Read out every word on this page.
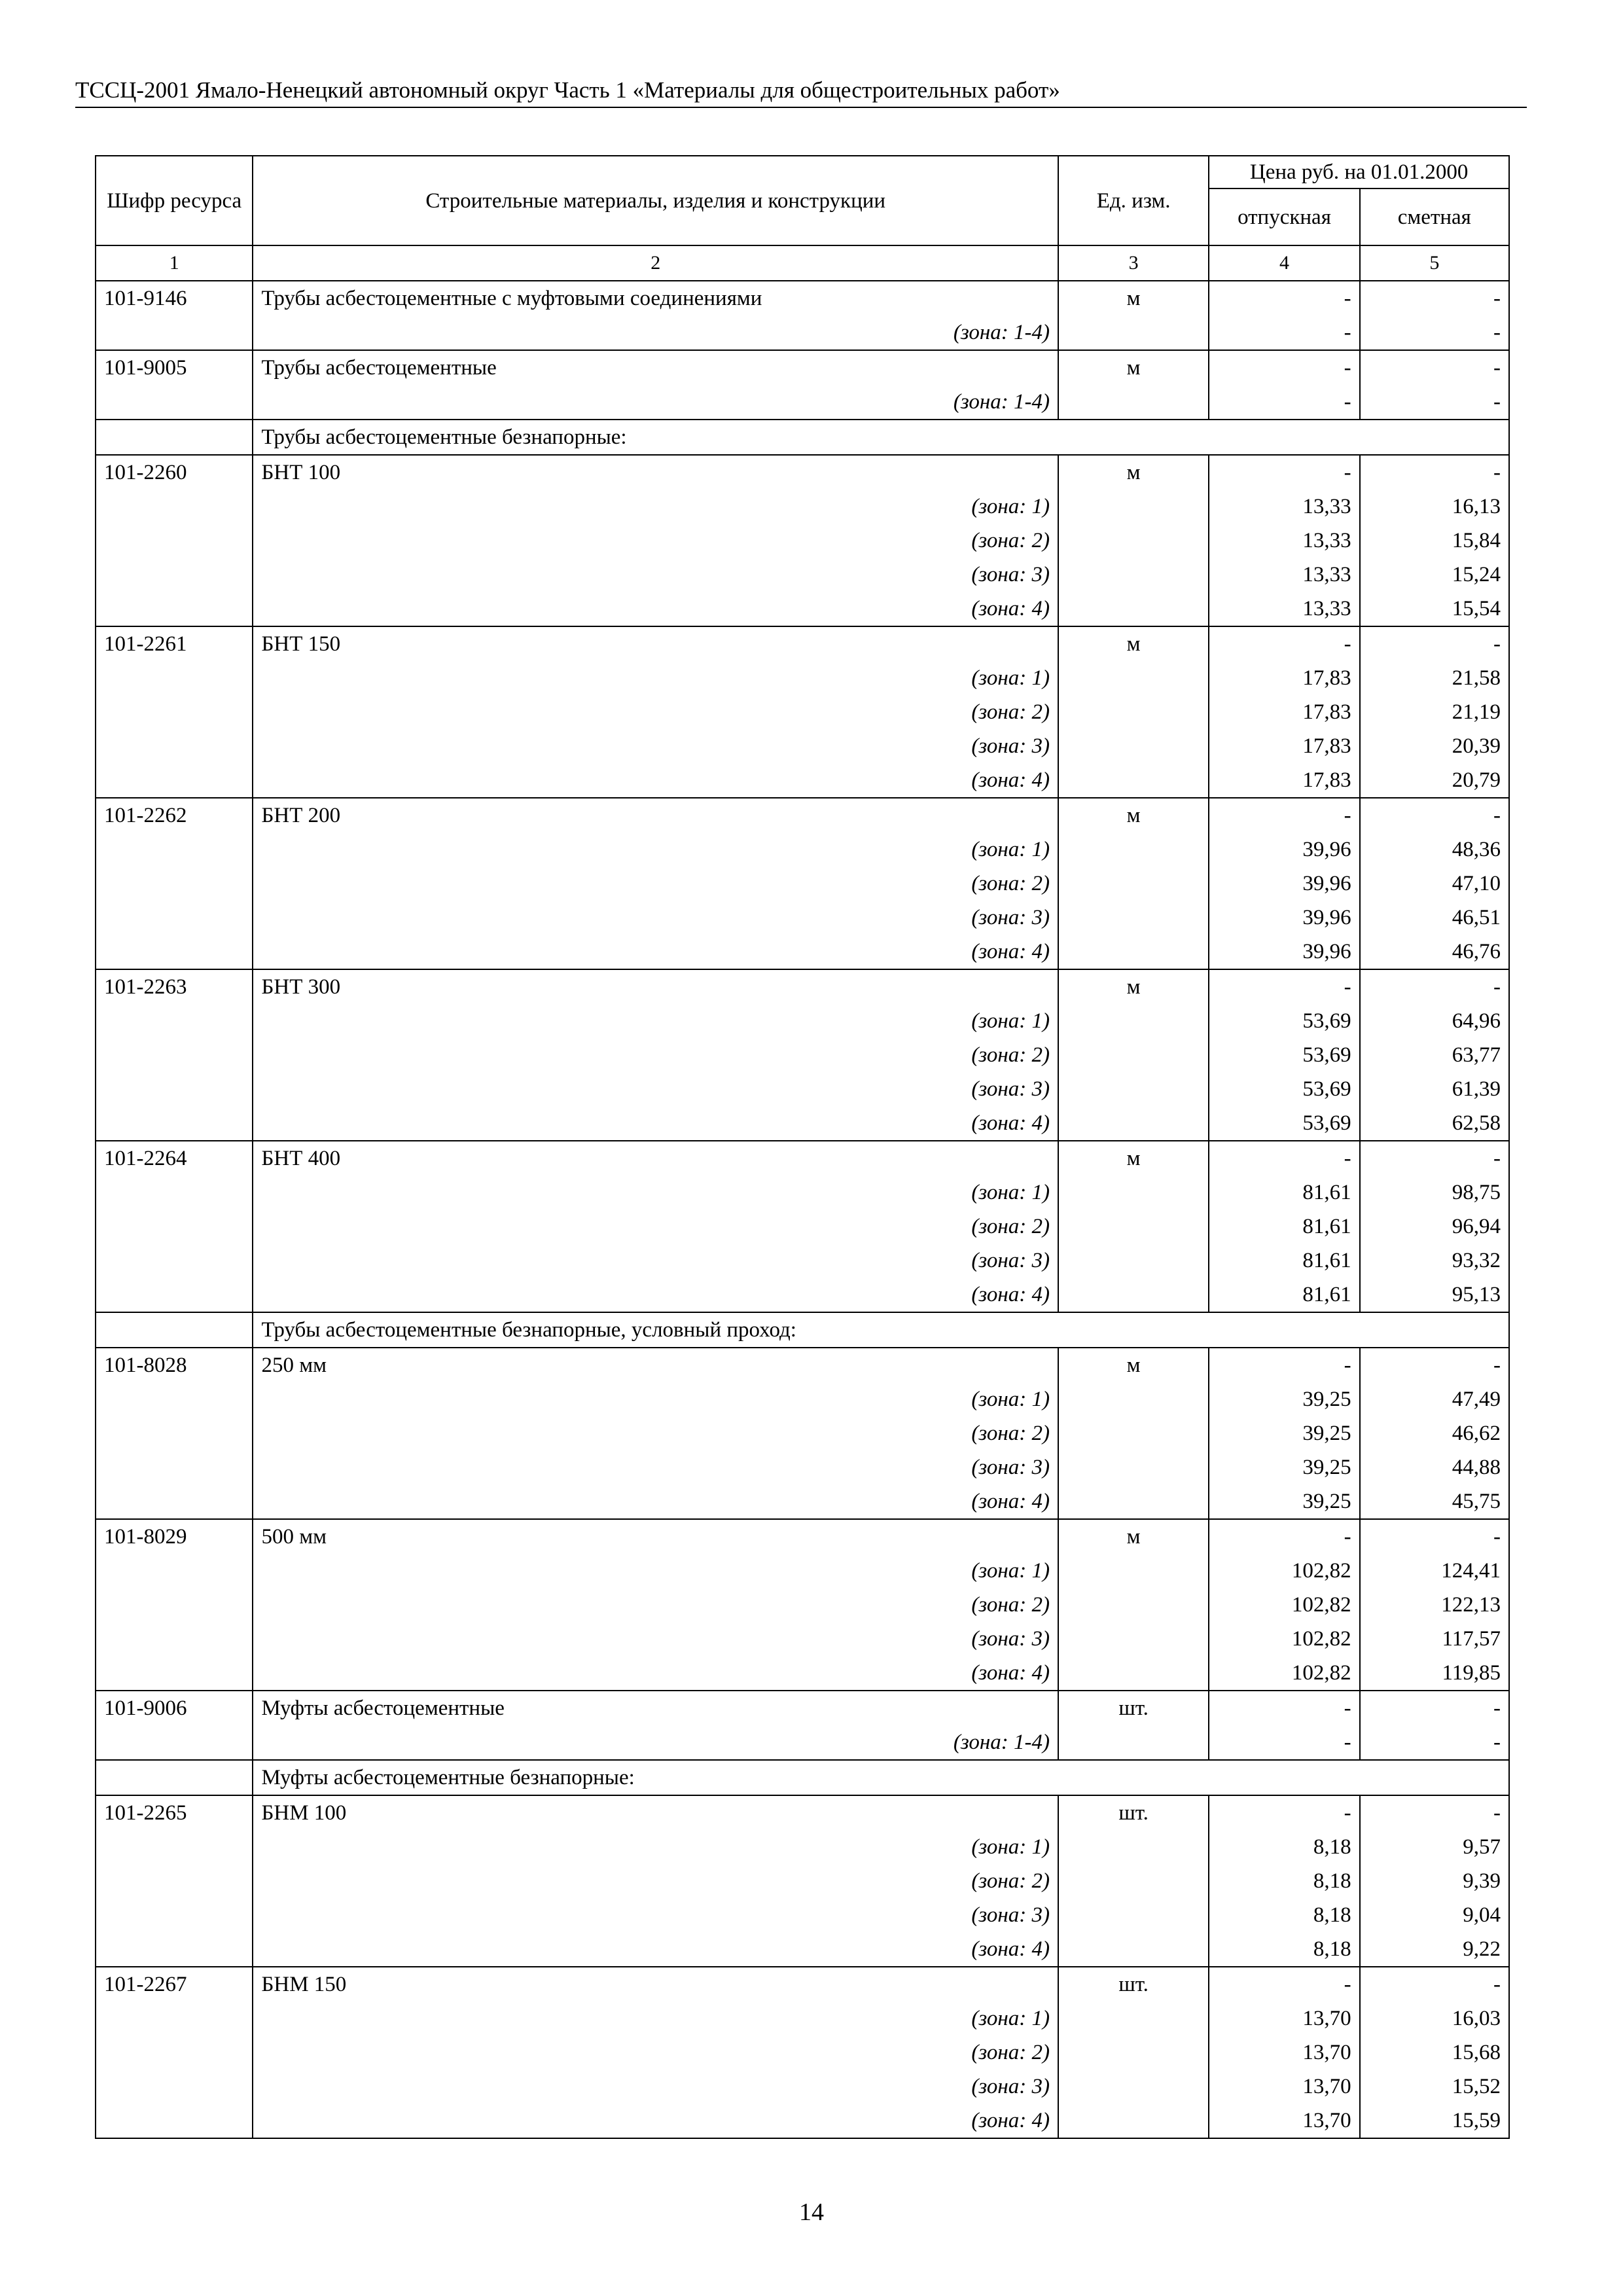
ТССЦ-2001 Ямало-Ненецкий автономный округ Часть 1 «Материалы для общестроительных работ»
Шифр ресурса	Строительные материалы, изделия и конструкции	Ед. изм.	Цена руб. на 01.01.2000	
			отпускная	сметная
1	2	3	4	5
101-9146	Трубы асбестоцементные с муфтовыми соединениями	м	-	-
	(зона: 1-4)		-	-
101-9005	Трубы асбестоцементные	м	-	-
	(зона: 1-4)		-	-
	Трубы асбестоцементные безнапорные:			
101-2260	БНТ 100	м	-	-
	(зона: 1)		13,33	16,13
	(зона: 2)		13,33	15,84
	(зона: 3)		13,33	15,24
	(зона: 4)		13,33	15,54
101-2261	БНТ 150	м	-	-
	(зона: 1)		17,83	21,58
	(зона: 2)		17,83	21,19
	(зона: 3)		17,83	20,39
	(зона: 4)		17,83	20,79
101-2262	БНТ 200	м	-	-
	(зона: 1)		39,96	48,36
	(зона: 2)		39,96	47,10
	(зона: 3)		39,96	46,51
	(зона: 4)		39,96	46,76
101-2263	БНТ 300	м	-	-
	(зона: 1)		53,69	64,96
	(зона: 2)		53,69	63,77
	(зона: 3)		53,69	61,39
	(зона: 4)		53,69	62,58
101-2264	БНТ 400	м	-	-
	(зона: 1)		81,61	98,75
	(зона: 2)		81,61	96,94
	(зона: 3)		81,61	93,32
	(зона: 4)		81,61	95,13
	Трубы асбестоцементные безнапорные, условный проход:			
101-8028	250 мм	м	-	-
	(зона: 1)		39,25	47,49
	(зона: 2)		39,25	46,62
	(зона: 3)		39,25	44,88
	(зона: 4)		39,25	45,75
101-8029	500 мм	м	-	-
	(зона: 1)		102,82	124,41
	(зона: 2)		102,82	122,13
	(зона: 3)		102,82	117,57
	(зона: 4)		102,82	119,85
101-9006	Муфты асбестоцементные	шт.	-	-
	(зона: 1-4)		-	-
	Муфты асбестоцементные безнапорные:			
101-2265	БНМ 100	шт.	-	-
	(зона: 1)		8,18	9,57
	(зона: 2)		8,18	9,39
	(зона: 3)		8,18	9,04
	(зона: 4)		8,18	9,22
101-2267	БНМ 150	шт.	-	-
	(зона: 1)		13,70	16,03
	(зона: 2)		13,70	15,68
	(зона: 3)		13,70	15,52
	(зона: 4)		13,70	15,59
14
